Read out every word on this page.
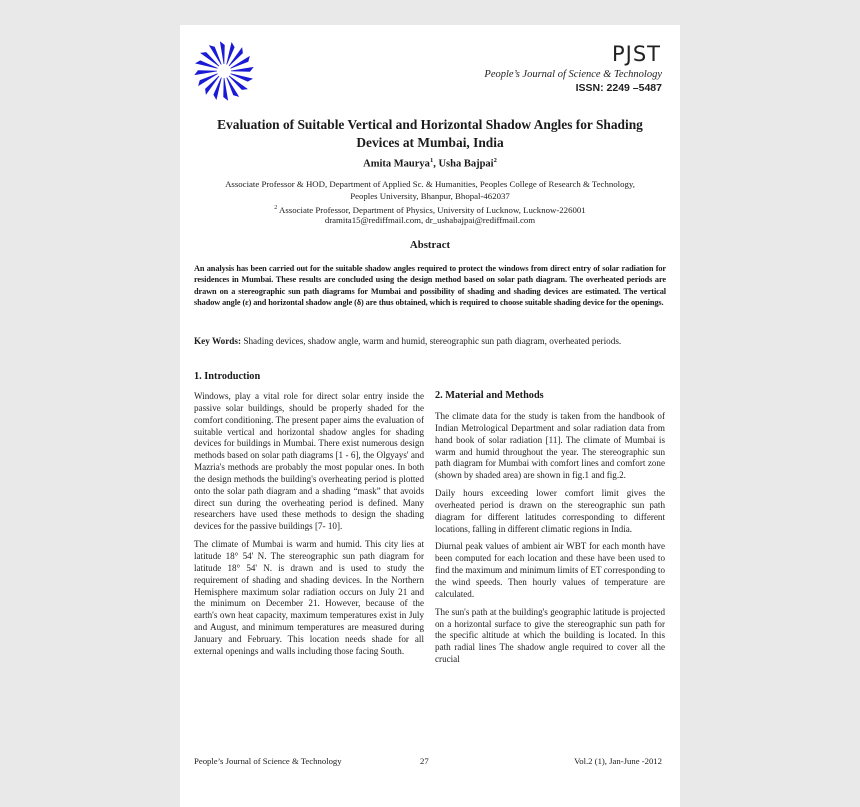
PJST
People’s Journal of Science & Technology
ISSN: 2249 –5487
Evaluation of Suitable Vertical and Horizontal Shadow Angles for Shading
Devices at Mumbai, India
Amita Maurya$^1$, Usha Bajpai$^2$
Associate Professor & HOD, Department of Applied Sc. & Humanities, Peoples College of Research & Technology,
Peoples University, Bhanpur, Bhopal-462037
$^2$ Associate Professor, Department of Physics, University of Lucknow, Lucknow-226001
dramita15@rediffmail.com, dr_ushabajpai@rediffmail.com
Abstract
An analysis has been carried out for the suitable shadow angles required to protect the windows from direct entry of solar radiation for residences in Mumbai. These results are concluded using the design method based on solar path diagram. The overheated periods are drawn on a stereographic sun path diagrams for Mumbai and possibility of shading and shading devices are estimated. The vertical shadow angle (ε) and horizontal shadow angle (δ) are thus obtained, which is required to choose suitable shading device for the openings.
Key Words: Shading devices, shadow angle, warm and humid, stereographic sun path diagram, overheated periods.
1. Introduction

Windows, play a vital role for direct solar entry inside the passive solar buildings, should be properly shaded for the comfort conditioning. The present paper aims the evaluation of suitable vertical and horizontal shadow angles for shading devices for buildings in Mumbai. There exist numerous design methods based on solar path diagrams [1 - 6], the Olgyays' and Mazria's methods are probably the most popular ones. In both the design methods the building's overheating period is plotted onto the solar path diagram and a shading “mask” that avoids direct sun during the overheating period is defined. Many researchers have used these methods to design the shading devices for the passive buildings [7- 10].

The climate of Mumbai is warm and humid. This city lies at latitude 18° 54' N. The stereographic sun path diagram for latitude 18° 54' N. is drawn and is used to study the requirement of shading and shading devices. In the Northern Hemisphere maximum solar radiation occurs on July 21 and the minimum on December 21. However, because of the earth's own heat capacity, maximum temperatures exist in July and August, and minimum temperatures are measured during January and February. This location needs shade for all external openings and walls including those facing South.

2. Material and Methods

The climate data for the study is taken from the handbook of Indian Metrological Department and solar radiation data from hand book of solar radiation [11]. The climate of Mumbai is warm and humid throughout the year. The stereographic sun path diagram for Mumbai with comfort lines and comfort zone (shown by shaded area) are shown in fig.1 and fig.2.

Daily hours exceeding lower comfort limit gives the overheated period is drawn on the stereographic sun path diagram for different latitudes corresponding to different locations, falling in different climatic regions in India.

Diurnal peak values of ambient air WBT for each month have been computed for each location and these have been used to find the maximum and minimum limits of ET corresponding to the wind speeds. Then hourly values of temperature are calculated.

The sun's path at the building's geographic latitude is projected on a horizontal surface to give the stereographic sun path for the specific altitude at which the building is located. In this path radial lines The shadow angle required to cover all the crucial

People’s Journal of Science & Technology	27	Vol.2 (1), Jan-June -2012
